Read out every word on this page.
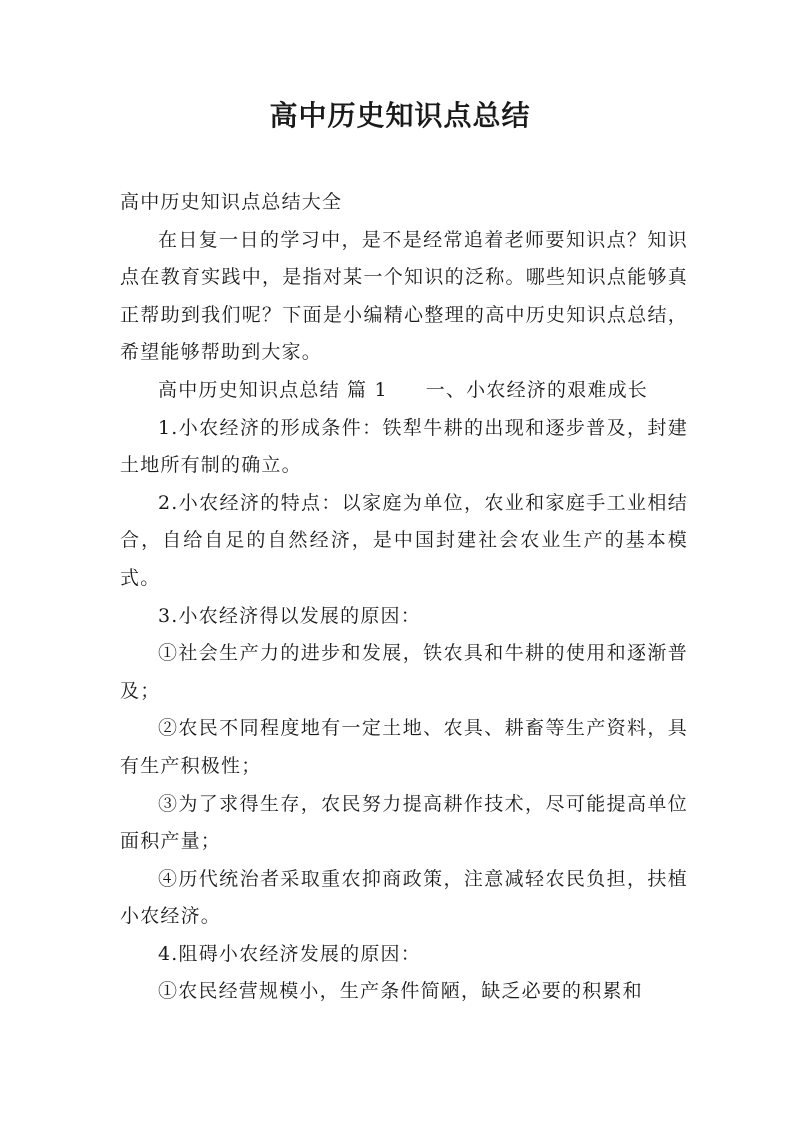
高中历史知识点总结

高中历史知识点总结大全

在日复一日的学习中，是不是经常追着老师要知识点？知识点在教育实践中，是指对某一个知识的泛称。哪些知识点能够真正帮助到我们呢？下面是小编精心整理的高中历史知识点总结，希望能够帮助到大家。

高中历史知识点总结 篇 1 一、小农经济的艰难成长

1.小农经济的形成条件：铁犁牛耕的出现和逐步普及，封建土地所有制的确立。

2.小农经济的特点：以家庭为单位，农业和家庭手工业相结合，自给自足的自然经济，是中国封建社会农业生产的基本模式。

3.小农经济得以发展的原因：

①社会生产力的进步和发展，铁农具和牛耕的使用和逐渐普及；

②农民不同程度地有一定土地、农具、耕畜等生产资料，具有生产积极性；

③为了求得生存，农民努力提高耕作技术，尽可能提高单位面积产量；

④历代统治者采取重农抑商政策，注意减轻农民负担，扶植小农经济。

4.阻碍小农经济发展的原因：

①农民经营规模小，生产条件简陋，缺乏必要的积累和
